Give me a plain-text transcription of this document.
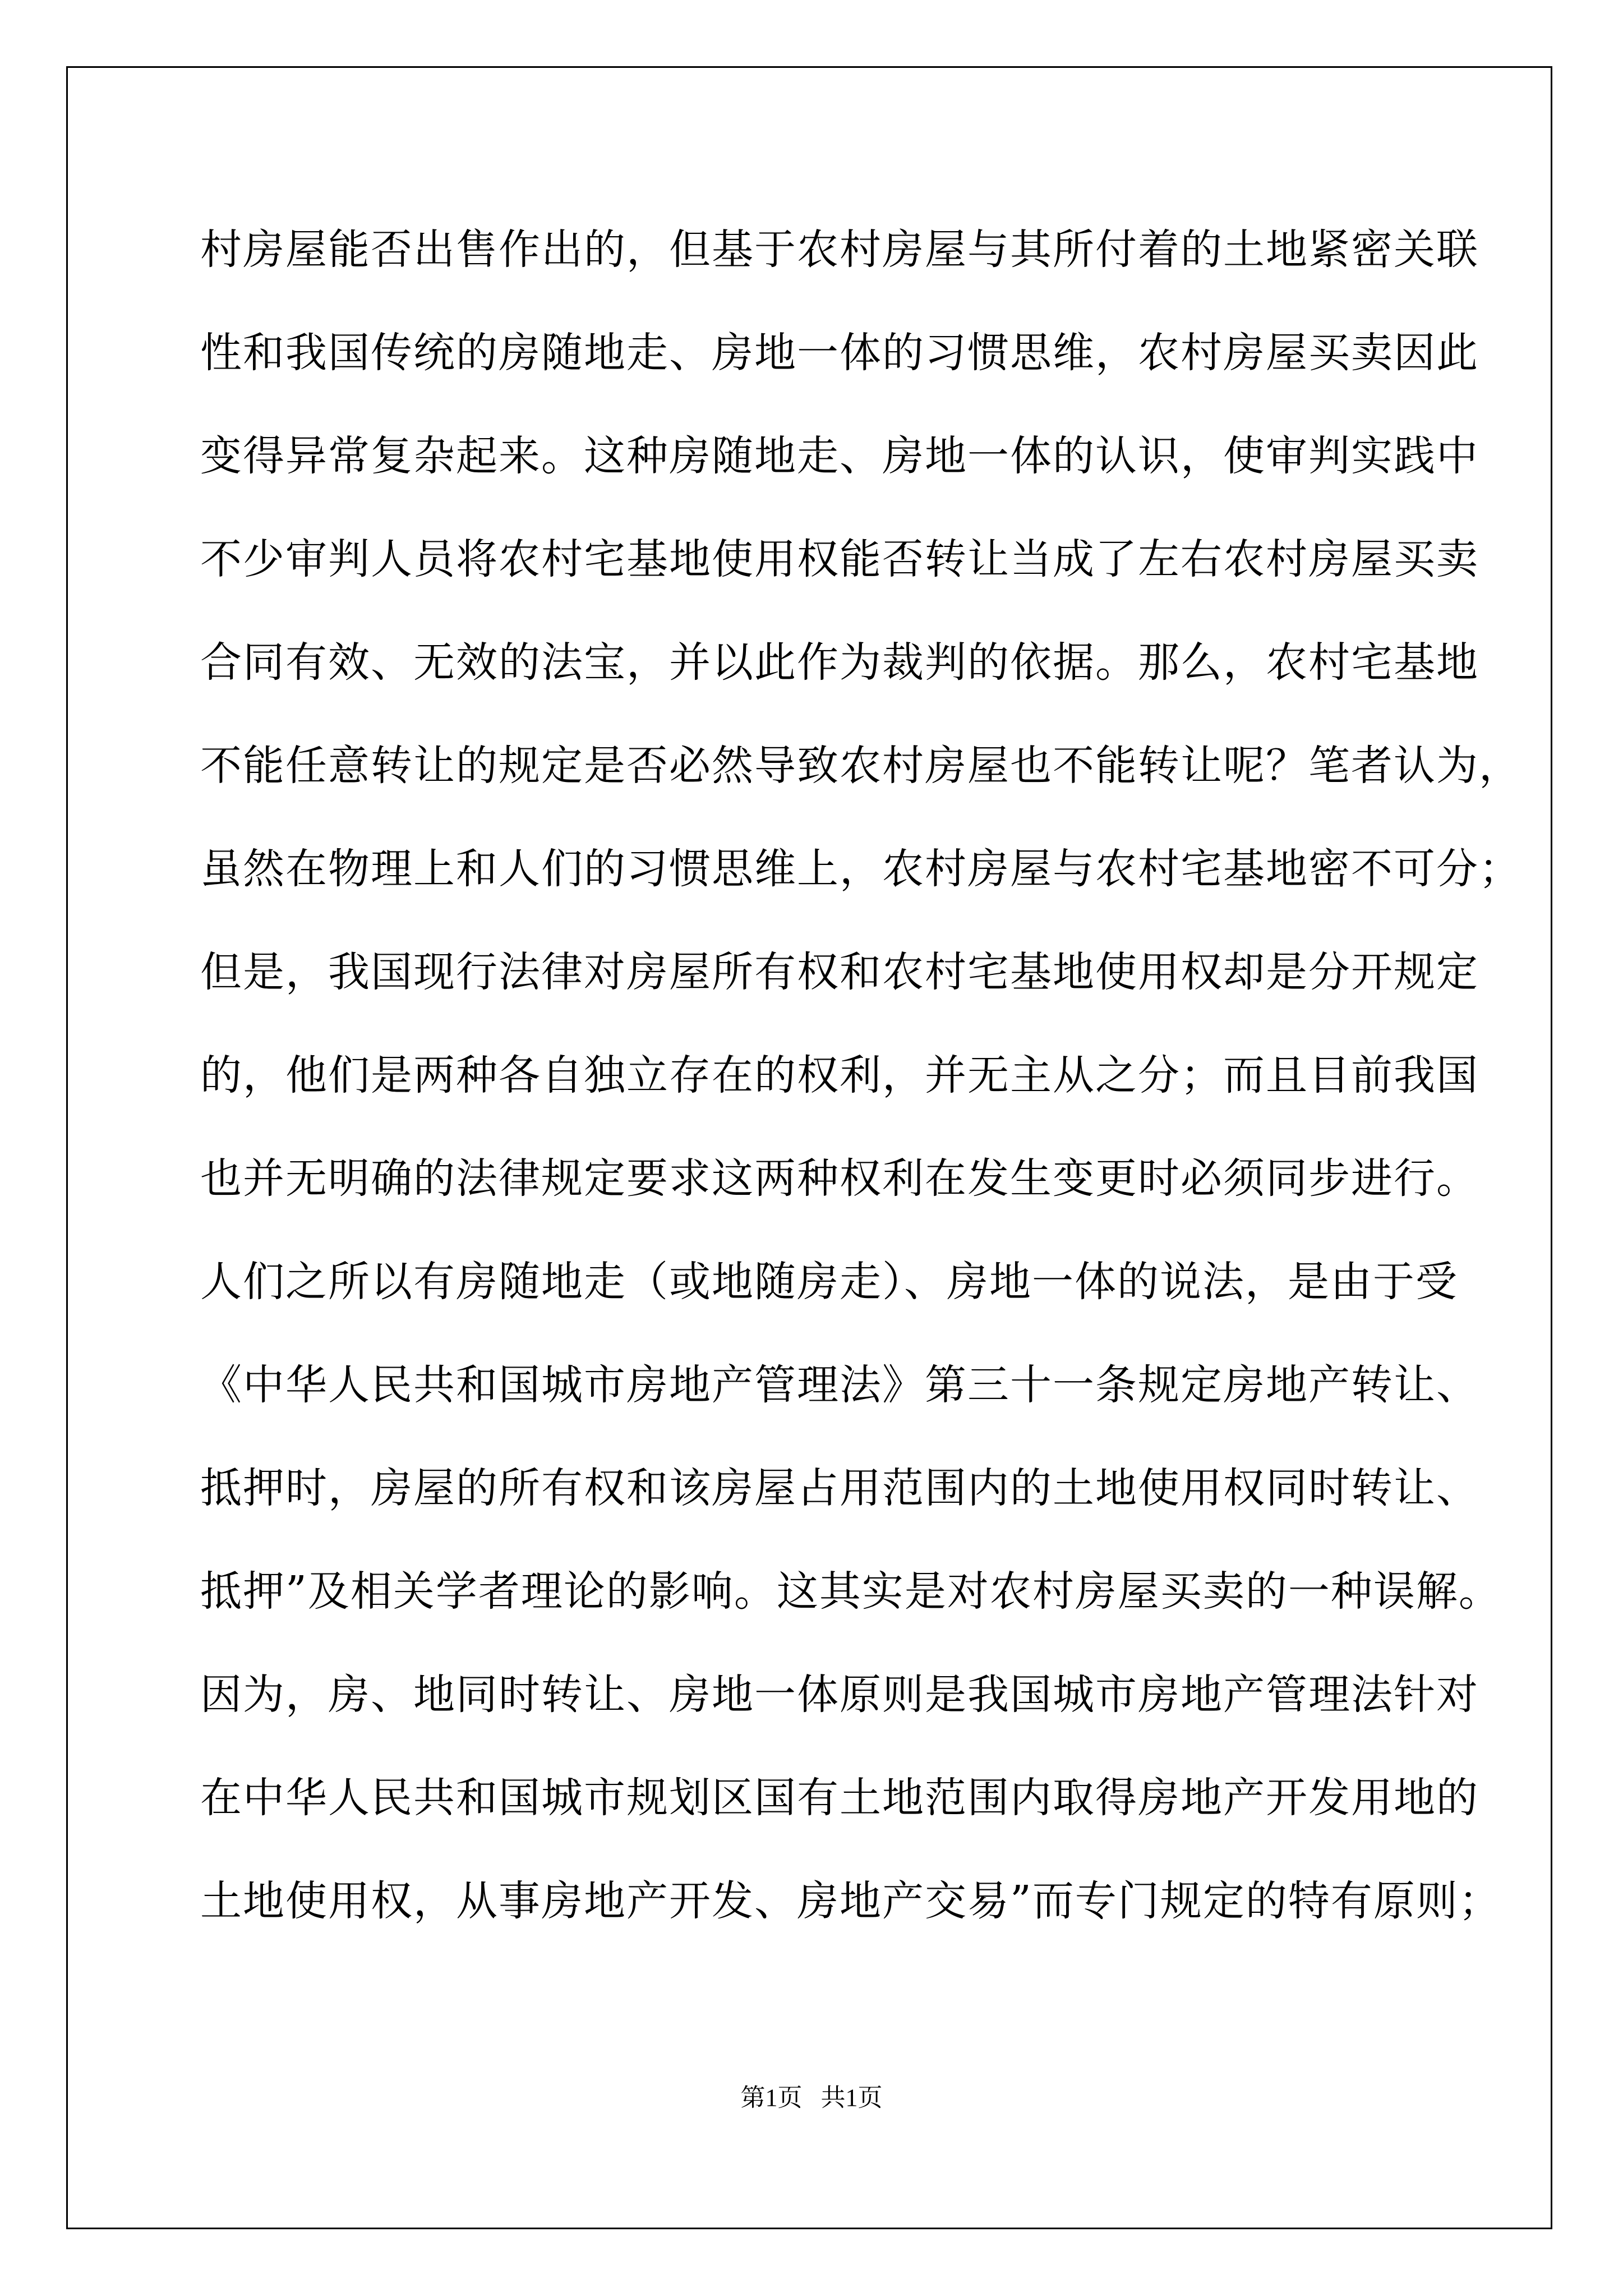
村房屋能否出售作出的，但基于农村房屋与其所付着的土地紧密关联
性和我国传统的房随地走、房地一体的习惯思维，农村房屋买卖因此
变得异常复杂起来。这种房随地走、房地一体的认识，使审判实践中
不少审判人员将农村宅基地使用权能否转让当成了左右农村房屋买卖
合同有效、无效的法宝，并以此作为裁判的依据。那么，农村宅基地
不能任意转让的规定是否必然导致农村房屋也不能转让呢？笔者认为，
虽然在物理上和人们的习惯思维上，农村房屋与农村宅基地密不可分；
但是，我国现行法律对房屋所有权和农村宅基地使用权却是分开规定
的，他们是两种各自独立存在的权利，并无主从之分；而且目前我国
也并无明确的法律规定要求这两种权利在发生变更时必须同步进行。
人们之所以有房随地走（或地随房走）、房地一体的说法，是由于受
《中华人民共和国城市房地产管理法》第三十一条规定房地产转让、
抵押时，房屋的所有权和该房屋占用范围内的土地使用权同时转让、
抵押”及相关学者理论的影响。这其实是对农村房屋买卖的一种误解。
因为，房、地同时转让、房地一体原则是我国城市房地产管理法针对
在中华人民共和国城市规划区国有土地范围内取得房地产开发用地的
土地使用权，从事房地产开发、房地产交易”而专门规定的特有原则；
第1页   共1页
